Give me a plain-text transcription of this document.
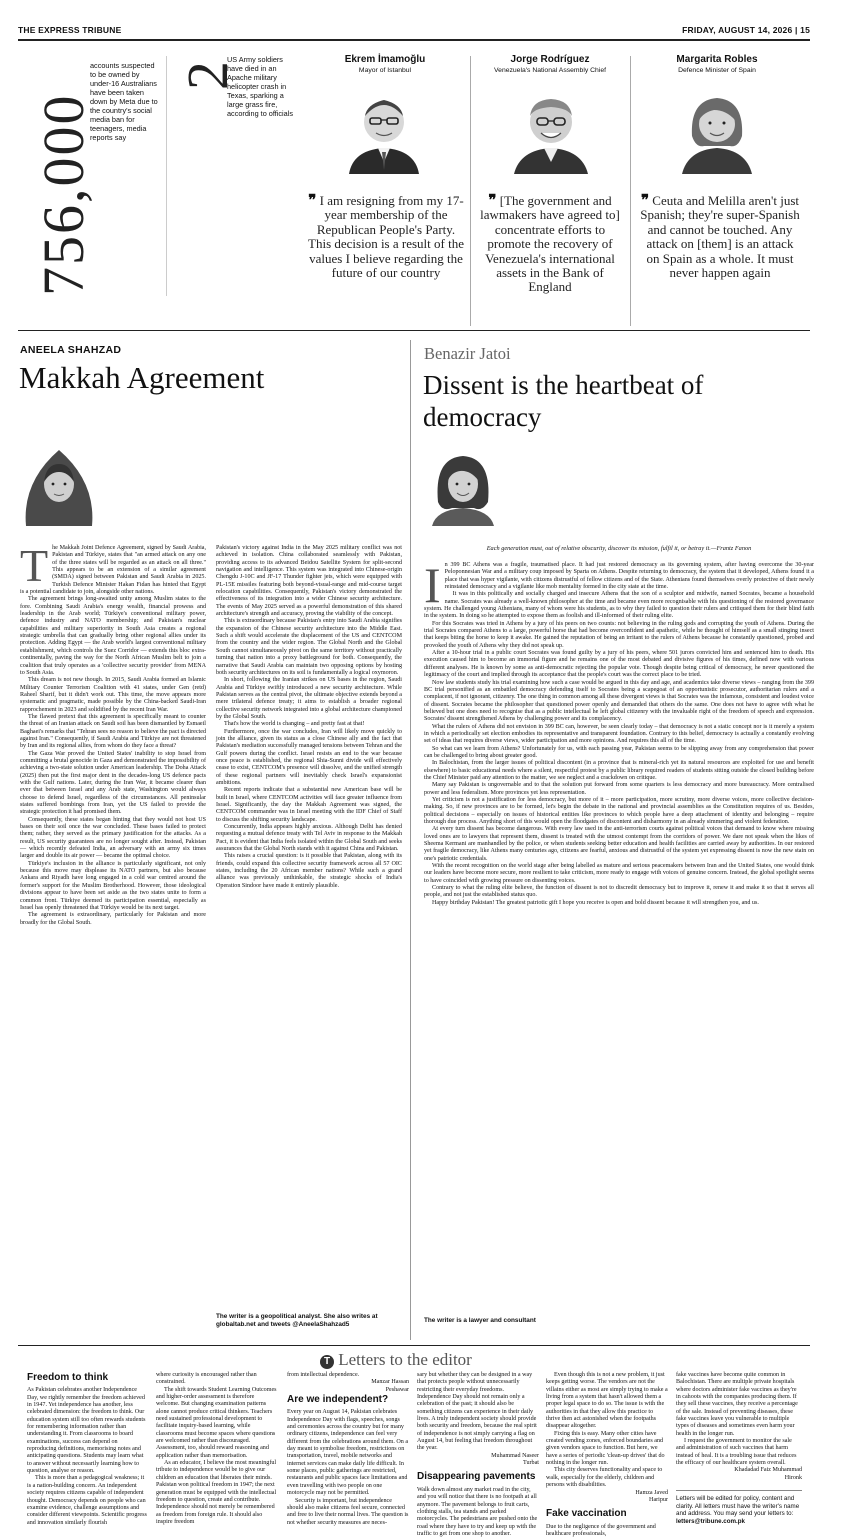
THE EXPRESS TRIBUNE	FRIDAY, AUGUST 14, 2026 | 15
756,000
accounts suspected to be owned by under-16 Australians have been taken down by Meta due to the country's social media ban for teenagers, media reports say
2
US Army soldiers have died in an Apache military helicopter crash in Texas, sparking a large grass fire, according to officials
Ekrem İmamoğlu
Mayor of Istanbul
❞ I am resigning from my 17-year membership of the Republican People's Party. This decision is a result of the values I believe regarding the future of our country
Jorge Rodríguez
Venezuela's National Assembly Chief
❞ [The government and lawmakers have agreed to] concentrate efforts to promote the recovery of Venezuela's international assets in the Bank of England
Margarita Robles
Defence Minister of Spain
❞ Ceuta and Melilla aren't just Spanish; they're super-Spanish and cannot be touched. Any attack on [them] is an attack on Spain as a whole. It must never happen again
ANEELA SHAHZAD
Makkah Agreement
T he Makkah Joint Defence Agreement, signed by Saudi Arabia, Pakistan and Türkiye, states that "an armed attack on any one of the three states will be regarded as an attack on all three." This appears to be an extension of a similar agreement (SMDA) signed between Pakistan and Saudi Arabia in 2025. Turkish Defence Minister Hakan Fidan has hinted that Egypt is a potential candidate to join, alongside other nations.

The agreement brings long-awaited unity among Muslim states to the fore. Combining Saudi Arabia's energy wealth, financial prowess and leadership in the Arab world; Türkiye's conventional military power, defence industry and NATO membership; and Pakistan's nuclear capabilities and military superiority in South Asia creates a regional strategic umbrella that can gradually bring other regional allies under its protection. Adding Egypt — the Arab world's largest conventional military establishment, which controls the Suez Corridor — extends this bloc extra-continentally, paving the way for the North African Muslim belt to join a coalition that truly operates as a 'collective security provider' from MENA to South Asia.

This dream is not new though. In 2015, Saudi Arabia formed an Islamic Military Counter Terrorism Coalition with 41 states, under Gen (retd) Raheel Sharif, but it didn't work out. This time, the move appears more systematic and pragmatic, made possible by the China-backed Saudi-Iran rapprochement in 2023 and solidified by the recent Iran War.

The flawed pretext that this agreement is specifically meant to counter the threat of an Iranian attack on Saudi soil has been dismantled by Esmaeil Baghaei's remarks that "Tehran sees no reason to believe the pact is directed against Iran." Consequently, if Saudi Arabia and Türkiye are not threatened by Iran and its regional allies, from whom do they face a threat?

The Gaza War proved the United States' inability to stop Israel from committing a brutal genocide in Gaza and demonstrated the impossibility of achieving a two-state solution under American leadership. The Doha Attack (2025) then put the first major dent in the decades-long US defence pacts with the Gulf nations. Later, during the Iran War, it became clearer than ever that between Israel and any Arab state, Washington would always choose to defend Israel, regardless of the circumstances. All peninsular states suffered bombings from Iran, yet the US failed to provide the strategic protection it had promised them.

Consequently, these states began hinting that they would not host US bases on their soil once the war concluded. These bases failed to protect them; rather, they served as the primary justification for the attacks. As a result, US security guarantees are no longer sought after. Instead, Pakistan — which recently defeated India, an adversary with an army six times larger and double its air power — became the optimal choice.

Türkiye's inclusion in the alliance is particularly significant, not only because this move may displease its NATO partners, but also because Ankara and Riyadh have long engaged in a cold war centred around the former's support for the Muslim Brotherhood. However, those ideological divisions appear to have been set aside as the two states unite to form a common front. Türkiye deemed its participation essential, especially as Israel has openly threatened that Türkiye would be its next target.

The agreement is extraordinary, particularly for Pakistan and more broadly for the Global South.

Pakistan's victory against India in the May 2025 military conflict was not achieved in isolation. China collaborated seamlessly with Pakistan, providing access to its advanced Beidou Satellite System for split-second navigation and intelligence. This system was integrated into Chinese-origin Chengdu J-10C and JF-17 Thunder fighter jets, which were equipped with PL-15E missiles featuring both beyond-visual-range and mid-course target relocation capabilities. Consequently, Pakistan's victory demonstrated the effectiveness of its integration into a wider Chinese security architecture. The events of May 2025 served as a powerful demonstration of this shared architecture's strength and accuracy, proving the viability of the concept.

This is extraordinary because Pakistan's entry into Saudi Arabia signifies the expansion of the Chinese security architecture into the Middle East. Such a shift would accelerate the displacement of the US and CENTCOM from the country and the wider region. The Global North and the Global South cannot simultaneously pivot on the same territory without practically turning that nation into a proxy battleground for both. Consequently, the narrative that Saudi Arabia can maintain two opposing options by hosting both security architectures on its soil is fundamentally a logical oxymoron.

In short, following the Iranian strikes on US bases in the region, Saudi Arabia and Türkiye swiftly introduced a new security architecture. While Pakistan serves as the central pivot, the ultimate objective extends beyond a mere trilateral defence treaty; it aims to establish a broader regional collective security network integrated into a global architecture championed by the Global South.

That's how the world is changing – and pretty fast at that!

Furthermore, once the war concludes, Iran will likely move quickly to join the alliance, given its status as a close Chinese ally and the fact that Pakistan's mediation successfully managed tensions between Tehran and the Gulf powers during the conflict. Israel resists an end to the war because once peace is established, the regional Shia-Sunni divide will effectively cease to exist, CENTCOM's presence will dissolve, and the unified strength of these regional partners will inevitably check Israel's expansionist ambitions.

Recent reports indicate that a substantial new American base will be built in Israel, where CENTCOM activities will face greater influence from Israel. Significantly, the day the Makkah Agreement was signed, the CENTCOM commander was in Israel meeting with the IDF Chief of Staff to discuss the shifting security landscape.

Concurrently, India appears highly anxious. Although Delhi has denied requesting a mutual defence treaty with Tel Aviv in response to the Makkah Pact, it is evident that India feels isolated within the Global South and seeks assurances that the Global North stands with it against China and Pakistan.

This raises a crucial question: is it possible that Pakistan, along with its friends, could expand this collective security framework across all 57 OIC states, including the 20 African member nations? While such a grand alliance was previously unthinkable, the strategic shocks of India's Operation Sindoor have made it entirely plausible.

The writer is a geopolitical analyst. She also writes at globaltab.net and tweets @AneelaShahzad5
Benazir Jatoi
Dissent is the heartbeat of democracy
Each generation must, out of relative obscurity, discover its mission, fulfil it, or betray it.—Frantz Fanon
I n 399 BC Athens was a fragile, traumatised place. It had just restored democracy as its governing system, after having overcome the 30-year Peloponnesian War and a military coup imposed by Sparta on Athens. Despite returning to democracy, the system that it developed, Athens found it a place that was hyper vigilante, with citizens distrustful of fellow citizens and of the State. Athenians found themselves overly protective of their newly reinstated democracy and a vigilante like mob mentality formed in the city state at the time.

It was in this politically and socially charged and insecure Athens that the son of a sculptor and midwife, named Socrates, became a household name. Socrates was already a well-known philosopher at the time and became even more recognisable with his questioning of the restored governance system. He challenged young Athenians, many of whom were his students, as to why they failed to question their rulers and critiqued them for their blind faith in the system. In doing so he attempted to expose them as foolish and ill-informed of their ruling elite.

For this Socrates was tried in Athens by a jury of his peers on two counts: not believing in the ruling gods and corrupting the youth of Athens. During the trial Socrates compared Athens to a large, powerful horse that had become overconfident and apathetic, while he thought of himself as a small stinging insect that keeps biting the horse to keep it awake. He gained the reputation of being an irritant to the rulers of Athens because he constantly questioned, probed and provoked the youth of Athens why they did not speak up.

After a 10-hour trial in a public court Socrates was found guilty by a jury of his peers, where 501 jurors convicted him and sentenced him to death. His execution caused him to become an immortal figure and he remains one of the most debated and divisive figures of his times, defined now with various different analyses. He is known by some as anti-democratic rejecting the popular vote. Though despite being critical of democracy, he never questioned the legitimacy of the court and implied through its acceptance that the people's court was the correct place to be tried.

Now law students study his trial examining how such a case would be argued in this day and age, and academics take diverse views – ranging from the 399 BC trial personified as an embattled democracy defending itself to Socrates being a scapegoat of an opportunistic prosecutor, authoritarian rulers and a complacent, if not ignorant, citizenry. The one thing in common among all these divergent views is that Socrates was the infamous, consistent and loudest voice of dissent. Socrates became the philosopher that questioned power openly and demanded that others do the same. One does not have to agree with what he believed but one does need to recognise that as a public intellectual he left global citizenry with the invaluable right of the freedom of speech and expression. Socrates' dissent strengthened Athens by challenging power and its complacency.

What the rulers of Athens did not envision in 399 BC can, however, be seen clearly today – that democracy is not a static concept nor is it merely a system in which a periodically set election embodies its representative and transparent foundation. Contrary to this belief, democracy is actually a constantly evolving set of ideas that requires diverse views, wider participation and more opinions. And requires this all of the time.

So what can we learn from Athens? Unfortunately for us, with each passing year, Pakistan seems to be slipping away from any comprehension that power can be challenged to bring about greater good.

In Balochistan, from the larger issues of political discontent (in a province that is mineral-rich yet its natural resources are exploited for use and benefit elsewhere) to basic educational needs where a silent, respectful protest by a public library required readers of students sitting outside the closed building before the Chief Minister paid any attention to the matter, we see neglect and a crackdown on critique.

Many say Pakistan is ungovernable and to that the solution put forward from some quarters is less democracy and more bureaucracy. More centralised power and less federalism. More provinces yet less representation.

Yet criticism is not a justification for less democracy, but more of it – more participation, more scrutiny, more diverse voices, more collective decision-making. So, if new provinces are to be formed, let's begin the debate in the national and provincial assemblies as the Constitution requires of us. Besides, political decisions – especially on issues of historical entities like provinces to which people have a deep attachment of identity and belonging – require thorough due process. Anything short of this would open the floodgates of discontent and disharmony in an already simmering and violent federation.

At every turn dissent has become dangerous. With every law used in the anti-terrorism courts against political voices that demand to know where missing loved ones are to lawyers that represent them, dissent is treated with the utmost contempt from the corridors of power. We dare not speak when the likes of Sheema Kermani are manhandled by the police, or when students seeking better education and health facilities are carried away by authorities. In our restored yet fragile democracy, like Athens many centuries ago, citizens are fearful, anxious and distrustful of the system yet expressing dissent is now the new stain on one's patriotic credentials.

With the recent recognition on the world stage after being labelled as mature and serious peacemakers between Iran and the United States, one would think our leaders have become more secure, more resilient to take criticism, more ready to engage with voices of genuine concern. Instead, the global spotlight seems to have coincided with growing pressure on dissenting voices.

Contrary to what the ruling elite believe, the function of dissent is not to discredit democracy but to improve it, renew it and make it so that it serves all people, and not just the established status quo.

Happy birthday Pakistan! The greatest patriotic gift I hope you receive is open and bold dissent because it will strengthen you, and us.

The writer is a lawyer and consultant
T Letters to the editor
Freedom to think

As Pakistan celebrates another Independence Day, we rightly remember the freedom achieved in 1947. Yet independence has another, less celebrated dimension: the freedom to think. Our education system still too often rewards students for remembering information rather than understanding it. From classrooms to board examinations, success can depend on reproducing definitions, memorising notes and anticipating questions. Students may learn what to answer without necessarily learning how to question, analyse or reason.

This is more than a pedagogical weakness; it is a nation-building concern. An independent society requires citizens capable of independent thought. Democracy depends on people who can examine evidence, challenge assumptions and consider different viewpoints. Scientific progress and innovation similarly flourish

where curiosity is encouraged rather than constrained.

The shift towards Student Learning Outcomes and higher-order assessment is therefore welcome. But changing examination patterns alone cannot produce critical thinkers. Teachers need sustained professional development to facilitate inquiry-based learning, while classrooms must become spaces where questions are welcomed rather than discouraged. Assessment, too, should reward reasoning and application rather than memorisation.

As an educator, I believe the most meaningful tribute to independence would be to give our children an education that liberates their minds. Pakistan won political freedom in 1947; the next generation must be equipped with the intellectual freedom to question, create and contribute. Independence should not merely be remembered as freedom from foreign rule. It should also inspire freedom

from intellectual dependence.

Manzar Hassan

Peshawar

Are we independent?

Every year on August 14, Pakistan celebrates Independence Day with flags, speeches, songs and ceremonies across the country but for many ordinary citizens, independence can feel very different from the celebrations around them. On a day meant to symbolise freedom, restrictions on transportation, travel, mobile networks and internet services can make daily life difficult. In some places, public gatherings are restricted, restaurants and public spaces face limitations and even travelling with two people on one motorcycle may not be permitted.

Security is important, but independence should also make citizens feel secure, connected and free to live their normal lives. The question is not whether security measures are neces-

sary but whether they can be designed in a way that protects people without unnecessarily restricting their everyday freedoms. Independence Day should not remain only a celebration of the past; it should also be something citizens can experience in their daily lives. A truly independent society should provide both security and freedom, because the real spirit of independence is not simply carrying a flag on August 14, but feeling that freedom throughout the year.

Muhammad Naseer

Turbat

Disappearing pavements

Walk down almost any market road in the city, and you will notice that there is no footpath at all anymore. The pavement belongs to fruit carts, clothing stalls, tea stands and parked motorcycles. The pedestrians are pushed onto the road where they have to try and keep up with the traffic to get from one shop to another.

Even though this is not a new problem, it just keeps getting worse. The vendors are not the villains either as most are simply trying to make a living from a system that hasn't allowed them a proper legal space to do so. The issue is with the authorities in that they allow this practice to thrive then act astonished when the footpaths disappear altogether.

Fixing this is easy. Many other cities have created vending zones, enforced boundaries and given vendors space to function. But here, we have a series of periodic 'clean-up drives' that do nothing in the longer run.

This city deserves functionality and space to walk, especially for the elderly, children and persons with disabilities.

Hamza Javed

Haripur

Fake vaccination

Due to the negligence of the government and healthcare professionals,

fake vaccines have become quite common in Balochistan. There are multiple private hospitals where doctors administer fake vaccines as they're in cahoots with the companies producing them. If they sell these vaccines, they receive a percentage of the sale. Instead of preventing diseases, these fake vaccines leave you vulnerable to multiple types of diseases and sometimes even harm your health in the longer run.

I request the government to monitor the sale and administration of such vaccines that harm instead of heal. It is a troubling issue that reduces the efficacy of our healthcare system overall.

Khadadad Faiz Muhammad

Hironk

Letters will be edited for policy, content and clarity. All letters must have the writer's name and address. You may send your letters to:

letters@tribune.com.pk
